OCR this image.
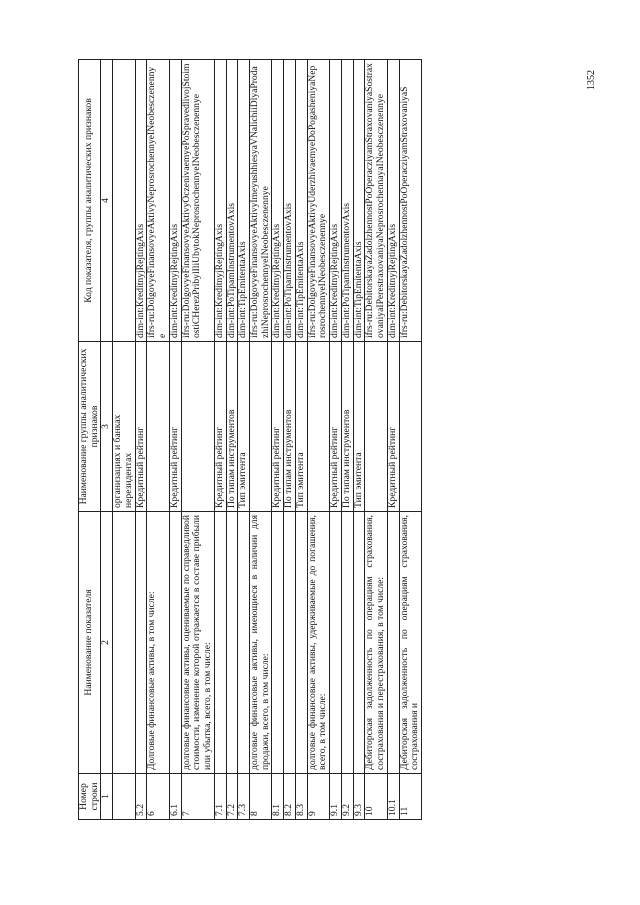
1352
Номер строки	Наименование показателя	Наименование группы аналитических признаков	Код показателя, группы аналитических признаков
1	2	3	4

		организациях и банках нерезидентах	
5.2		Кредитный рейтинг	dim-int:KreditnyjRejtingAxis
6	Долговые финансовые активы, в том числе:		ifrs-ru:DolgovyeFinansovyeAktivyNeprosrochennyeINeobesczenennye
6.1		Кредитный рейтинг	dim-int:KreditnyjRejtingAxis
7	долговые финансовые активы, оцениваемые по справедливой стоимости, изменение которой отражается в составе прибыли или убытка, всего, в том числе:		ifrs-ru:DolgovyeFinansovyeAktivyOczenivaemyePoSpravedlivojStoimostiCHerezPribylIliUbytokNeprosrochennyeINeobesczenennye
7.1		Кредитный рейтинг	dim-int:KreditnyjRejtingAxis
7.2		По типам инструментов	dim-int:PoTipamInstrumentovAxis
7.3		Тип эмитента	dim-int:TipEmitentaAxis
8	долговые финансовые активы, имеющиеся в наличии для продажи, всего, в том числе:		ifrs-ru:DolgovyeFinansovyeAktivyImeyushhiesyaVNalichiiDlyaProdazhiNeprosrochennyeINeobesczenennye
8.1		Кредитный рейтинг	dim-int:KreditnyjRejtingAxis
8.2		По типам инструментов	dim-int:PoTipamInstrumentovAxis
8.3		Тип эмитента	dim-int:TipEmitentaAxis
9	долговые финансовые активы, удерживаемые до погашения, всего, в том числе:		ifrs-ru:DolgovyeFinansovyeAktivyUderzhivaemyeDoPogasheniyaNeprosrochennyeINeobesczenennye
9.1		Кредитный рейтинг	dim-int:KreditnyjRejtingAxis
9.2		По типам инструментов	dim-int:PoTipamInstrumentovAxis
9.3		Тип эмитента	dim-int:TipEmitentaAxis
10	Дебиторская задолженность по операциям страхования, сострахования и перестрахования, в том числе:		ifrs-ru:DebitorskayaZadolzhennostPoOperacziyamStraxovaniyaSostraxovaniyaIPerestraxovaniyaNeprosrochennayaINeobesczenennye
10.1		Кредитный рейтинг	dim-int:KreditnyjRejtingAxis
11	Дебиторская задолженность по операциям страхования, сострахования и		ifrs-ru:DebitorskayaZadolzhennostPoOperacziyamStraxovaniyaS
